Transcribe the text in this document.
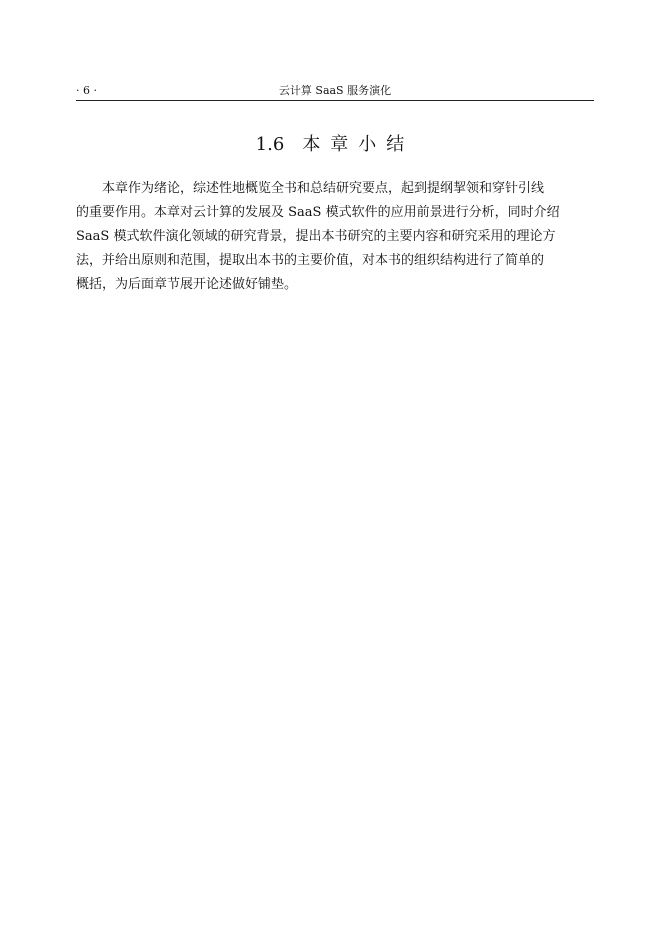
· 6 ·	云计算 SaaS 服务演化
1.6 本章小结
本章作为绪论，综述性地概览全书和总结研究要点，起到提纲挈领和穿针引线
的重要作用。本章对云计算的发展及 SaaS 模式软件的应用前景进行分析，同时介绍
SaaS 模式软件演化领域的研究背景，提出本书研究的主要内容和研究采用的理论方
法，并给出原则和范围，提取出本书的主要价值，对本书的组织结构进行了简单的
概括，为后面章节展开论述做好铺垫。
